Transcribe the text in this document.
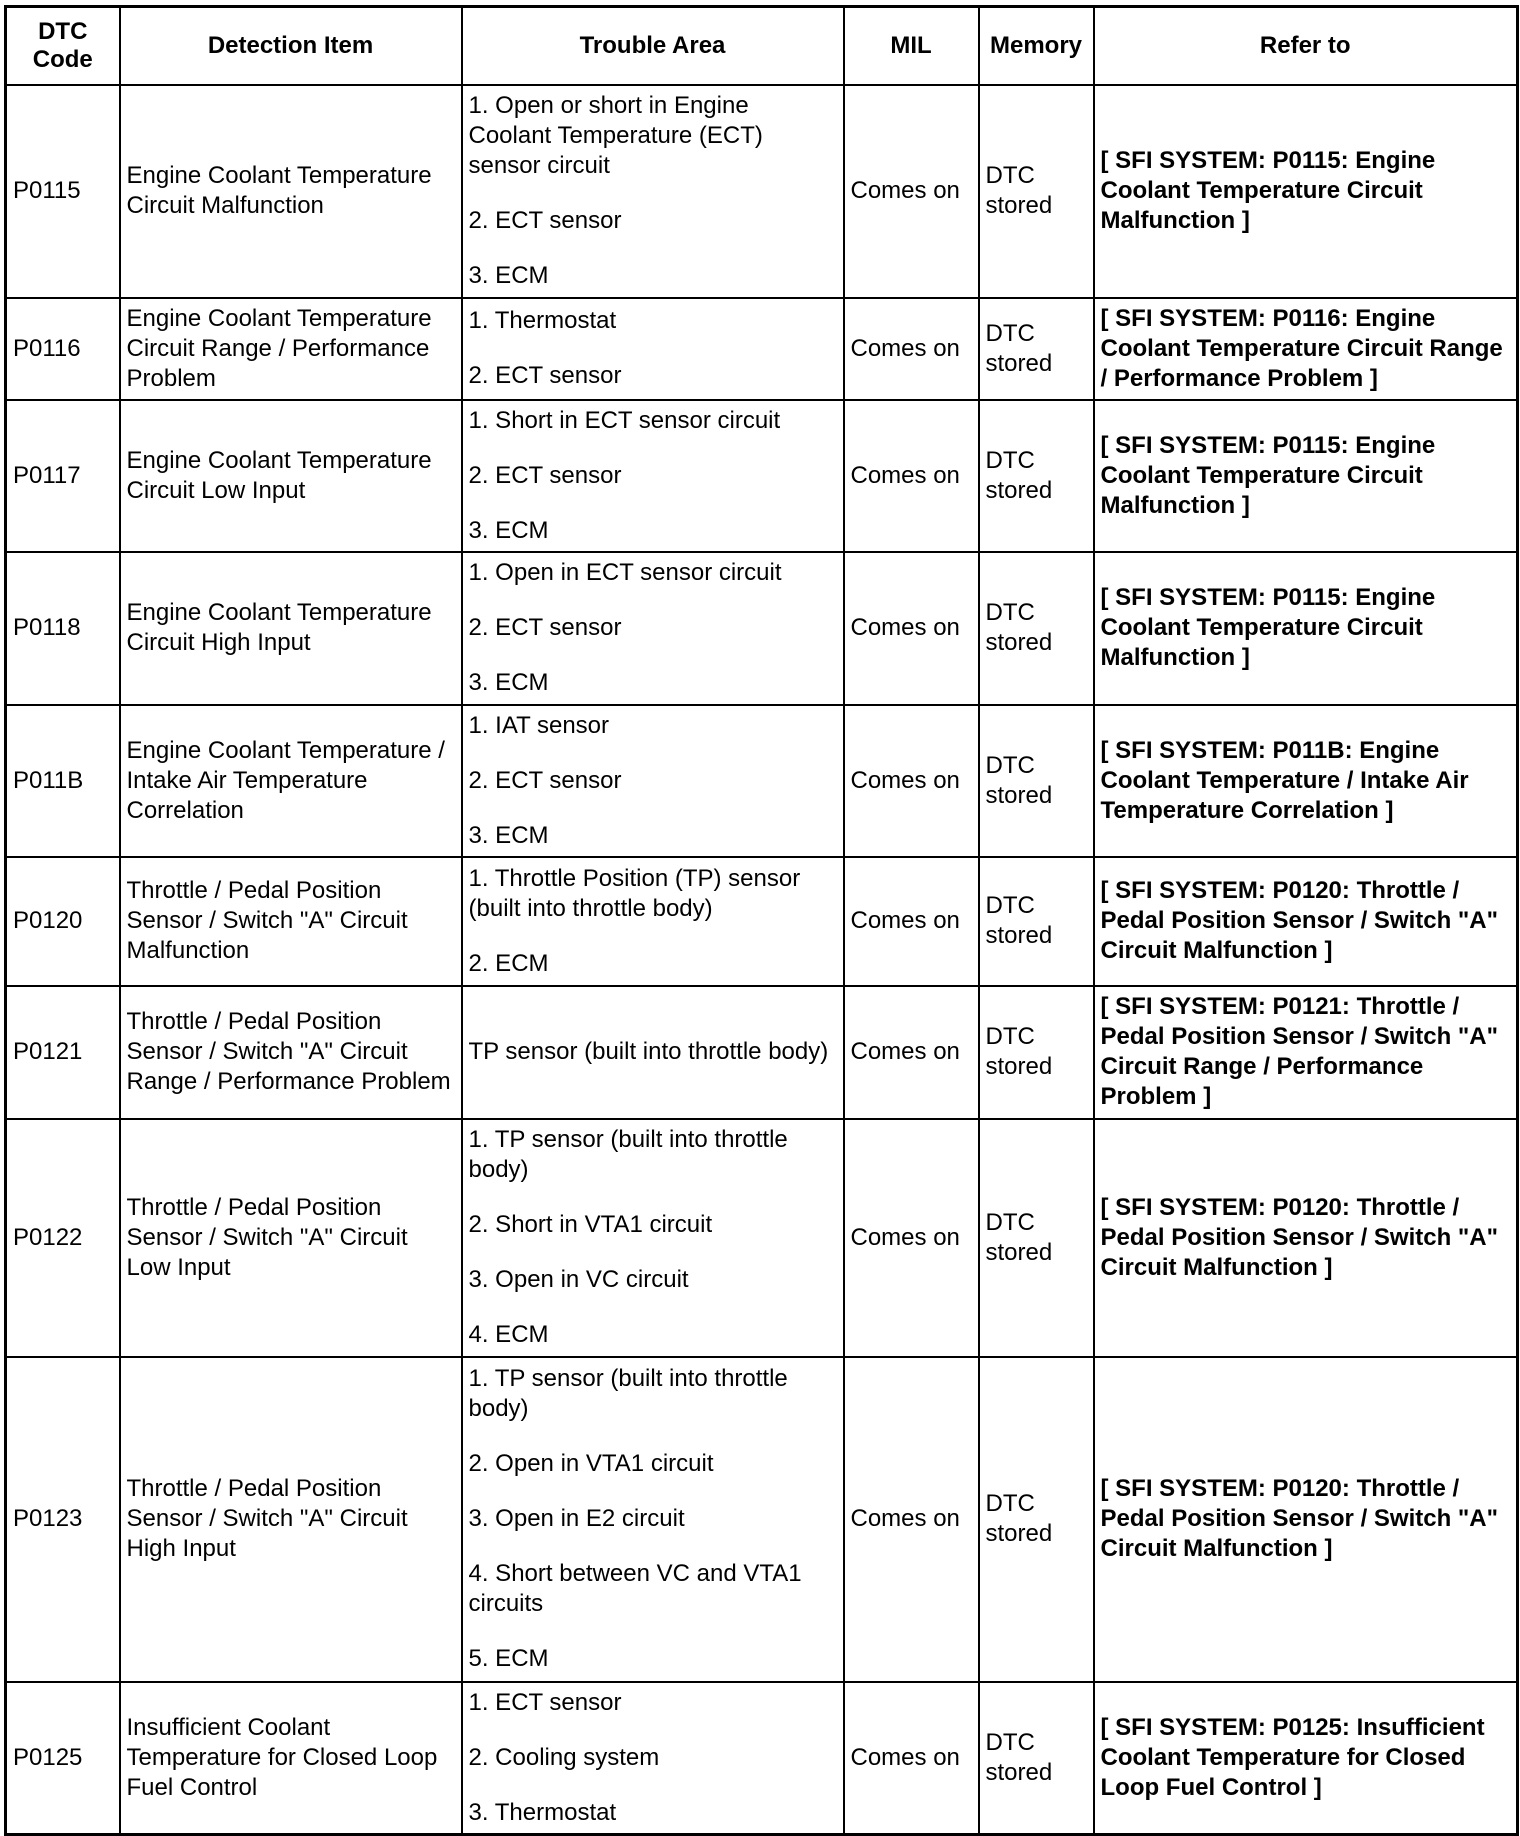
DTC Code	Detection Item	Trouble Area	MIL	Memory	Refer to
P0115	Engine Coolant Temperature Circuit Malfunction	1. Open or short in Engine Coolant Temperature (ECT) sensor circuit
2. ECT sensor
3. ECM	Comes on	DTC stored	[ SFI SYSTEM: P0115: Engine Coolant Temperature Circuit Malfunction ]
P0116	Engine Coolant Temperature Circuit Range / Performance Problem	1. Thermostat
2. ECT sensor	Comes on	DTC stored	[ SFI SYSTEM: P0116: Engine Coolant Temperature Circuit Range / Performance Problem ]
P0117	Engine Coolant Temperature Circuit Low Input	1. Short in ECT sensor circuit
2. ECT sensor
3. ECM	Comes on	DTC stored	[ SFI SYSTEM: P0115: Engine Coolant Temperature Circuit Malfunction ]
P0118	Engine Coolant Temperature Circuit High Input	1. Open in ECT sensor circuit
2. ECT sensor
3. ECM	Comes on	DTC stored	[ SFI SYSTEM: P0115: Engine Coolant Temperature Circuit Malfunction ]
P011B	Engine Coolant Temperature / Intake Air Temperature Correlation	1. IAT sensor
2. ECT sensor
3. ECM	Comes on	DTC stored	[ SFI SYSTEM: P011B: Engine Coolant Temperature / Intake Air Temperature Correlation ]
P0120	Throttle / Pedal Position Sensor / Switch "A" Circuit Malfunction	1. Throttle Position (TP) sensor (built into throttle body)
2. ECM	Comes on	DTC stored	[ SFI SYSTEM: P0120: Throttle / Pedal Position Sensor / Switch "A" Circuit Malfunction ]
P0121	Throttle / Pedal Position Sensor / Switch "A" Circuit Range / Performance Problem	TP sensor (built into throttle body)	Comes on	DTC stored	[ SFI SYSTEM: P0121: Throttle / Pedal Position Sensor / Switch "A" Circuit Range / Performance Problem ]
P0122	Throttle / Pedal Position Sensor / Switch "A" Circuit Low Input	1. TP sensor (built into throttle body)
2. Short in VTA1 circuit
3. Open in VC circuit
4. ECM	Comes on	DTC stored	[ SFI SYSTEM: P0120: Throttle / Pedal Position Sensor / Switch "A" Circuit Malfunction ]
P0123	Throttle / Pedal Position Sensor / Switch "A" Circuit High Input	1. TP sensor (built into throttle body)
2. Open in VTA1 circuit
3. Open in E2 circuit
4. Short between VC and VTA1 circuits
5. ECM	Comes on	DTC stored	[ SFI SYSTEM: P0120: Throttle / Pedal Position Sensor / Switch "A" Circuit Malfunction ]
P0125	Insufficient Coolant Temperature for Closed Loop Fuel Control	1. ECT sensor
2. Cooling system
3. Thermostat	Comes on	DTC stored	[ SFI SYSTEM: P0125: Insufficient Coolant Temperature for Closed Loop Fuel Control ]
